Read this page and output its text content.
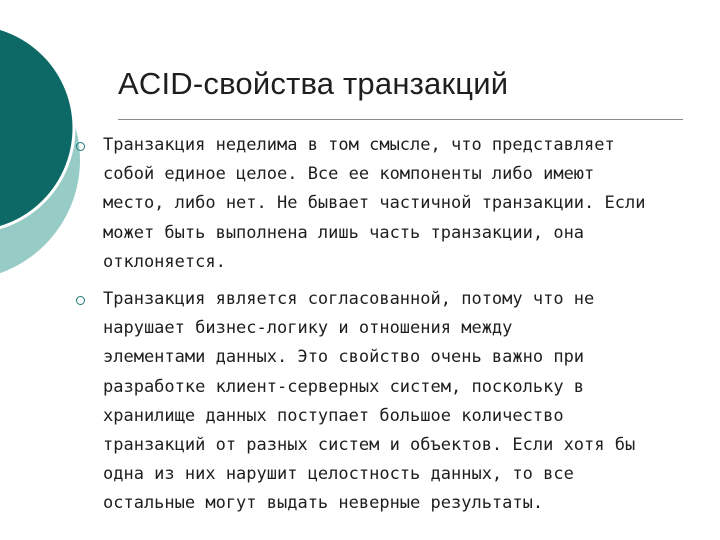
ACID-свойства транзакций
Транзакция неделима в том смысле, что представляет
собой единое целое. Все ее компоненты либо имеют
место, либо нет. Не бывает частичной транзакции. Если
может быть выполнена лишь часть транзакции, она
отклоняется.
Транзакция является согласованной, потому что не
нарушает бизнес-логику и отношения между
элементами данных. Это свойство очень важно при
разработке клиент-серверных систем, поскольку в
хранилище данных поступает большое количество
транзакций от разных систем и объектов. Если хотя бы
одна из них нарушит целостность данных, то все
остальные могут выдать неверные результаты.
